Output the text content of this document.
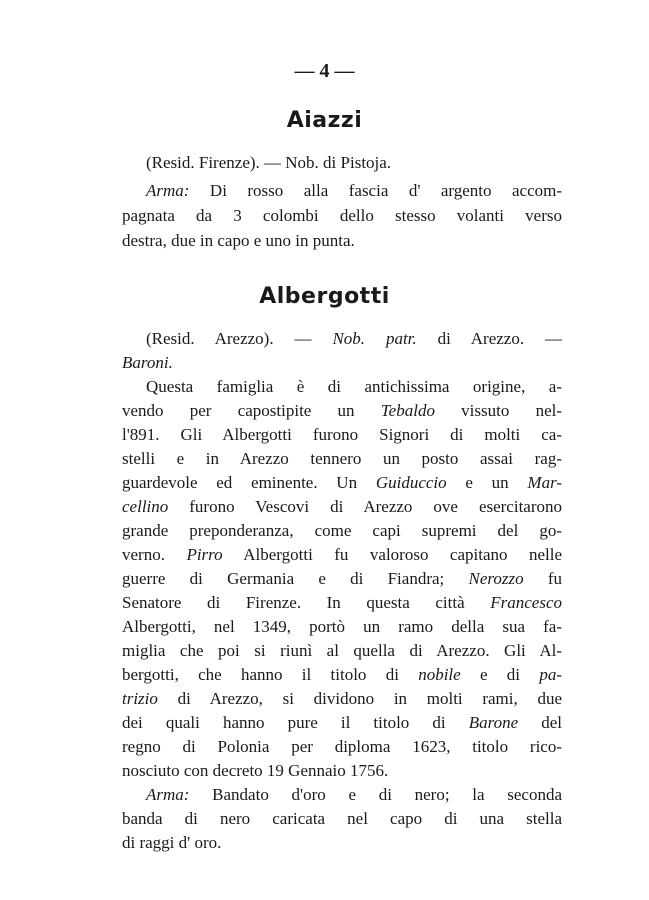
— 4 —
Aiazzi
(Resid. Firenze). — Nob. di Pistoja.
Arma: Di rosso alla fascia d' argento accom-
pagnata da 3 colombi dello stesso volanti verso
destra, due in capo e uno in punta.
Albergotti
(Resid. Arezzo). — Nob. patr. di Arezzo. —
Baroni.
Questa famiglia è di antichissima origine, a-
vendo per capostipite un Tebaldo vissuto nel-
l'891. Gli Albergotti furono Signori di molti ca-
stelli e in Arezzo tennero un posto assai rag-
guardevole ed eminente. Un Guiduccio e un Mar-
cellino furono Vescovi di Arezzo ove esercitarono
grande preponderanza, come capi supremi del go-
verno. Pirro Albergotti fu valoroso capitano nelle
guerre di Germania e di Fiandra; Nerozzo fu
Senatore di Firenze. In questa città Francesco
Albergotti, nel 1349, portò un ramo della sua fa-
miglia che poi si riunì al quella di Arezzo. Gli Al-
bergotti, che hanno il titolo di nobile e di pa-
trizio di Arezzo, si dividono in molti rami, due
dei quali hanno pure il titolo di Barone del
regno di Polonia per diploma 1623, titolo rico-
nosciuto con decreto 19 Gennaio 1756.
Arma: Bandato d'oro e di nero; la seconda
banda di nero caricata nel capo di una stella
di raggi d' oro.
